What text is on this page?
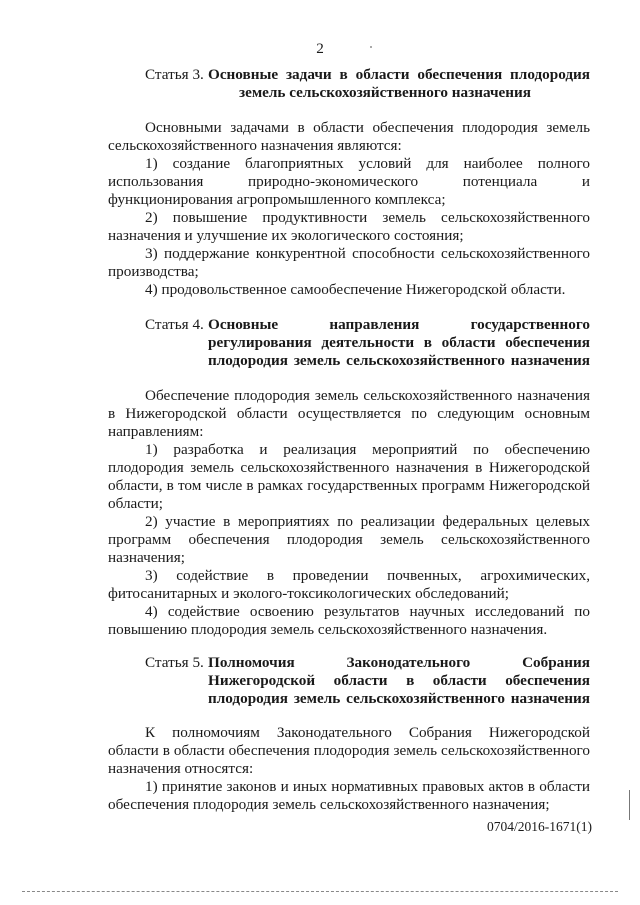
2
Статья 3. Основные задачи в области обеспечения плодородия
земель сельскохозяйственного назначения

Основными задачами в области обеспечения плодородия земель сельскохозяйственного назначения являются:

1) создание благоприятных условий для наиболее полного использования природно-экономического потенциала и функционирования агропромышленного комплекса;

2) повышение продуктивности земель сельскохозяйственного назначения и улучшение их экологического состояния;

3) поддержание конкурентной способности сельскохозяйственного производства;

4) продовольственное самообеспечение Нижегородской области.

Статья 4. Основные направления государственного
регулирования деятельности в области обеспечения
плодородия земель сельскохозяйственного назначения

Обеспечение плодородия земель сельскохозяйственного назначения в Нижегородской области осуществляется по следующим основным направлениям:

1) разработка и реализация мероприятий по обеспечению плодородия земель сельскохозяйственного назначения в Нижегородской области, в том числе в рамках государственных программ Нижегородской области;

2) участие в мероприятиях по реализации федеральных целевых программ обеспечения плодородия земель сельскохозяйственного назначения;

3) содействие в проведении почвенных, агрохимических, фитосанитарных и эколого-токсикологических обследований;

4) содействие освоению результатов научных исследований по повышению плодородия земель сельскохозяйственного назначения.

Статья 5. Полномочия Законодательного Собрания
Нижегородской области в области обеспечения
плодородия земель сельскохозяйственного назначения

К полномочиям Законодательного Собрания Нижегородской области в области обеспечения плодородия земель сельскохозяйственного назначения относятся:

1) принятие законов и иных нормативных правовых актов в области обеспечения плодородия земель сельскохозяйственного назначения;

0704/2016-1671(1)
